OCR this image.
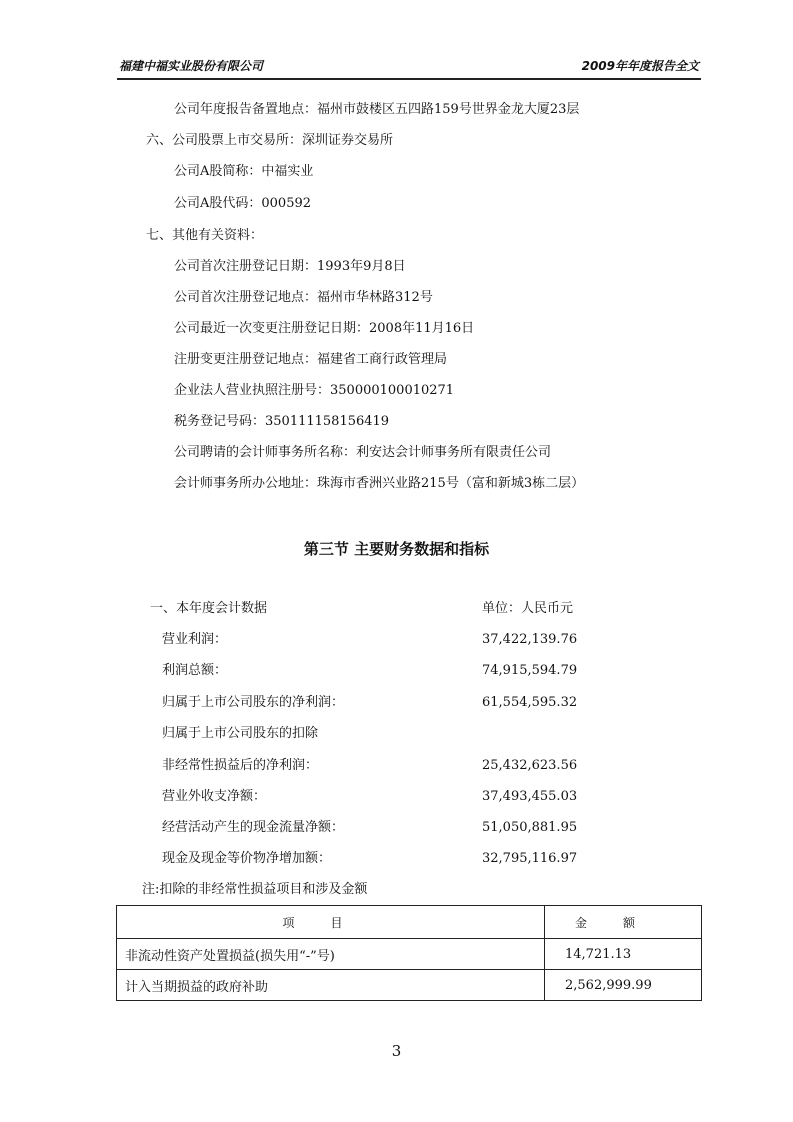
福建中福实业股份有限公司	2009年年度报告全文
公司年度报告备置地点：福州市鼓楼区五四路159号世界金龙大厦23层
六、公司股票上市交易所：深圳证券交易所
公司A股简称：中福实业
公司A股代码：000592
七、其他有关资料：
公司首次注册登记日期：1993年9月8日
公司首次注册登记地点：福州市华林路312号
公司最近一次变更注册登记日期：2008年11月16日
注册变更注册登记地点：福建省工商行政管理局
企业法人营业执照注册号：350000100010271
税务登记号码：350111158156419
公司聘请的会计师事务所名称：利安达会计师事务所有限责任公司
会计师事务所办公地址：珠海市香洲兴业路215号（富和新城3栋二层）
第三节 主要财务数据和指标
一、本年度会计数据	单位：人民币元
营业利润：	37,422,139.76
利润总额：	74,915,594.79
归属于上市公司股东的净利润：	61,554,595.32
归属于上市公司股东的扣除
非经常性损益后的净利润：	25,432,623.56
营业外收支净额：	37,493,455.03
经营活动产生的现金流量净额：	51,050,881.95
现金及现金等价物净增加额：	32,795,116.97
注:扣除的非经常性损益项目和涉及金额
项目	金额
非流动性资产处置损益(损失用“-”号)	14,721.13
计入当期损益的政府补助	2,562,999.99
3
